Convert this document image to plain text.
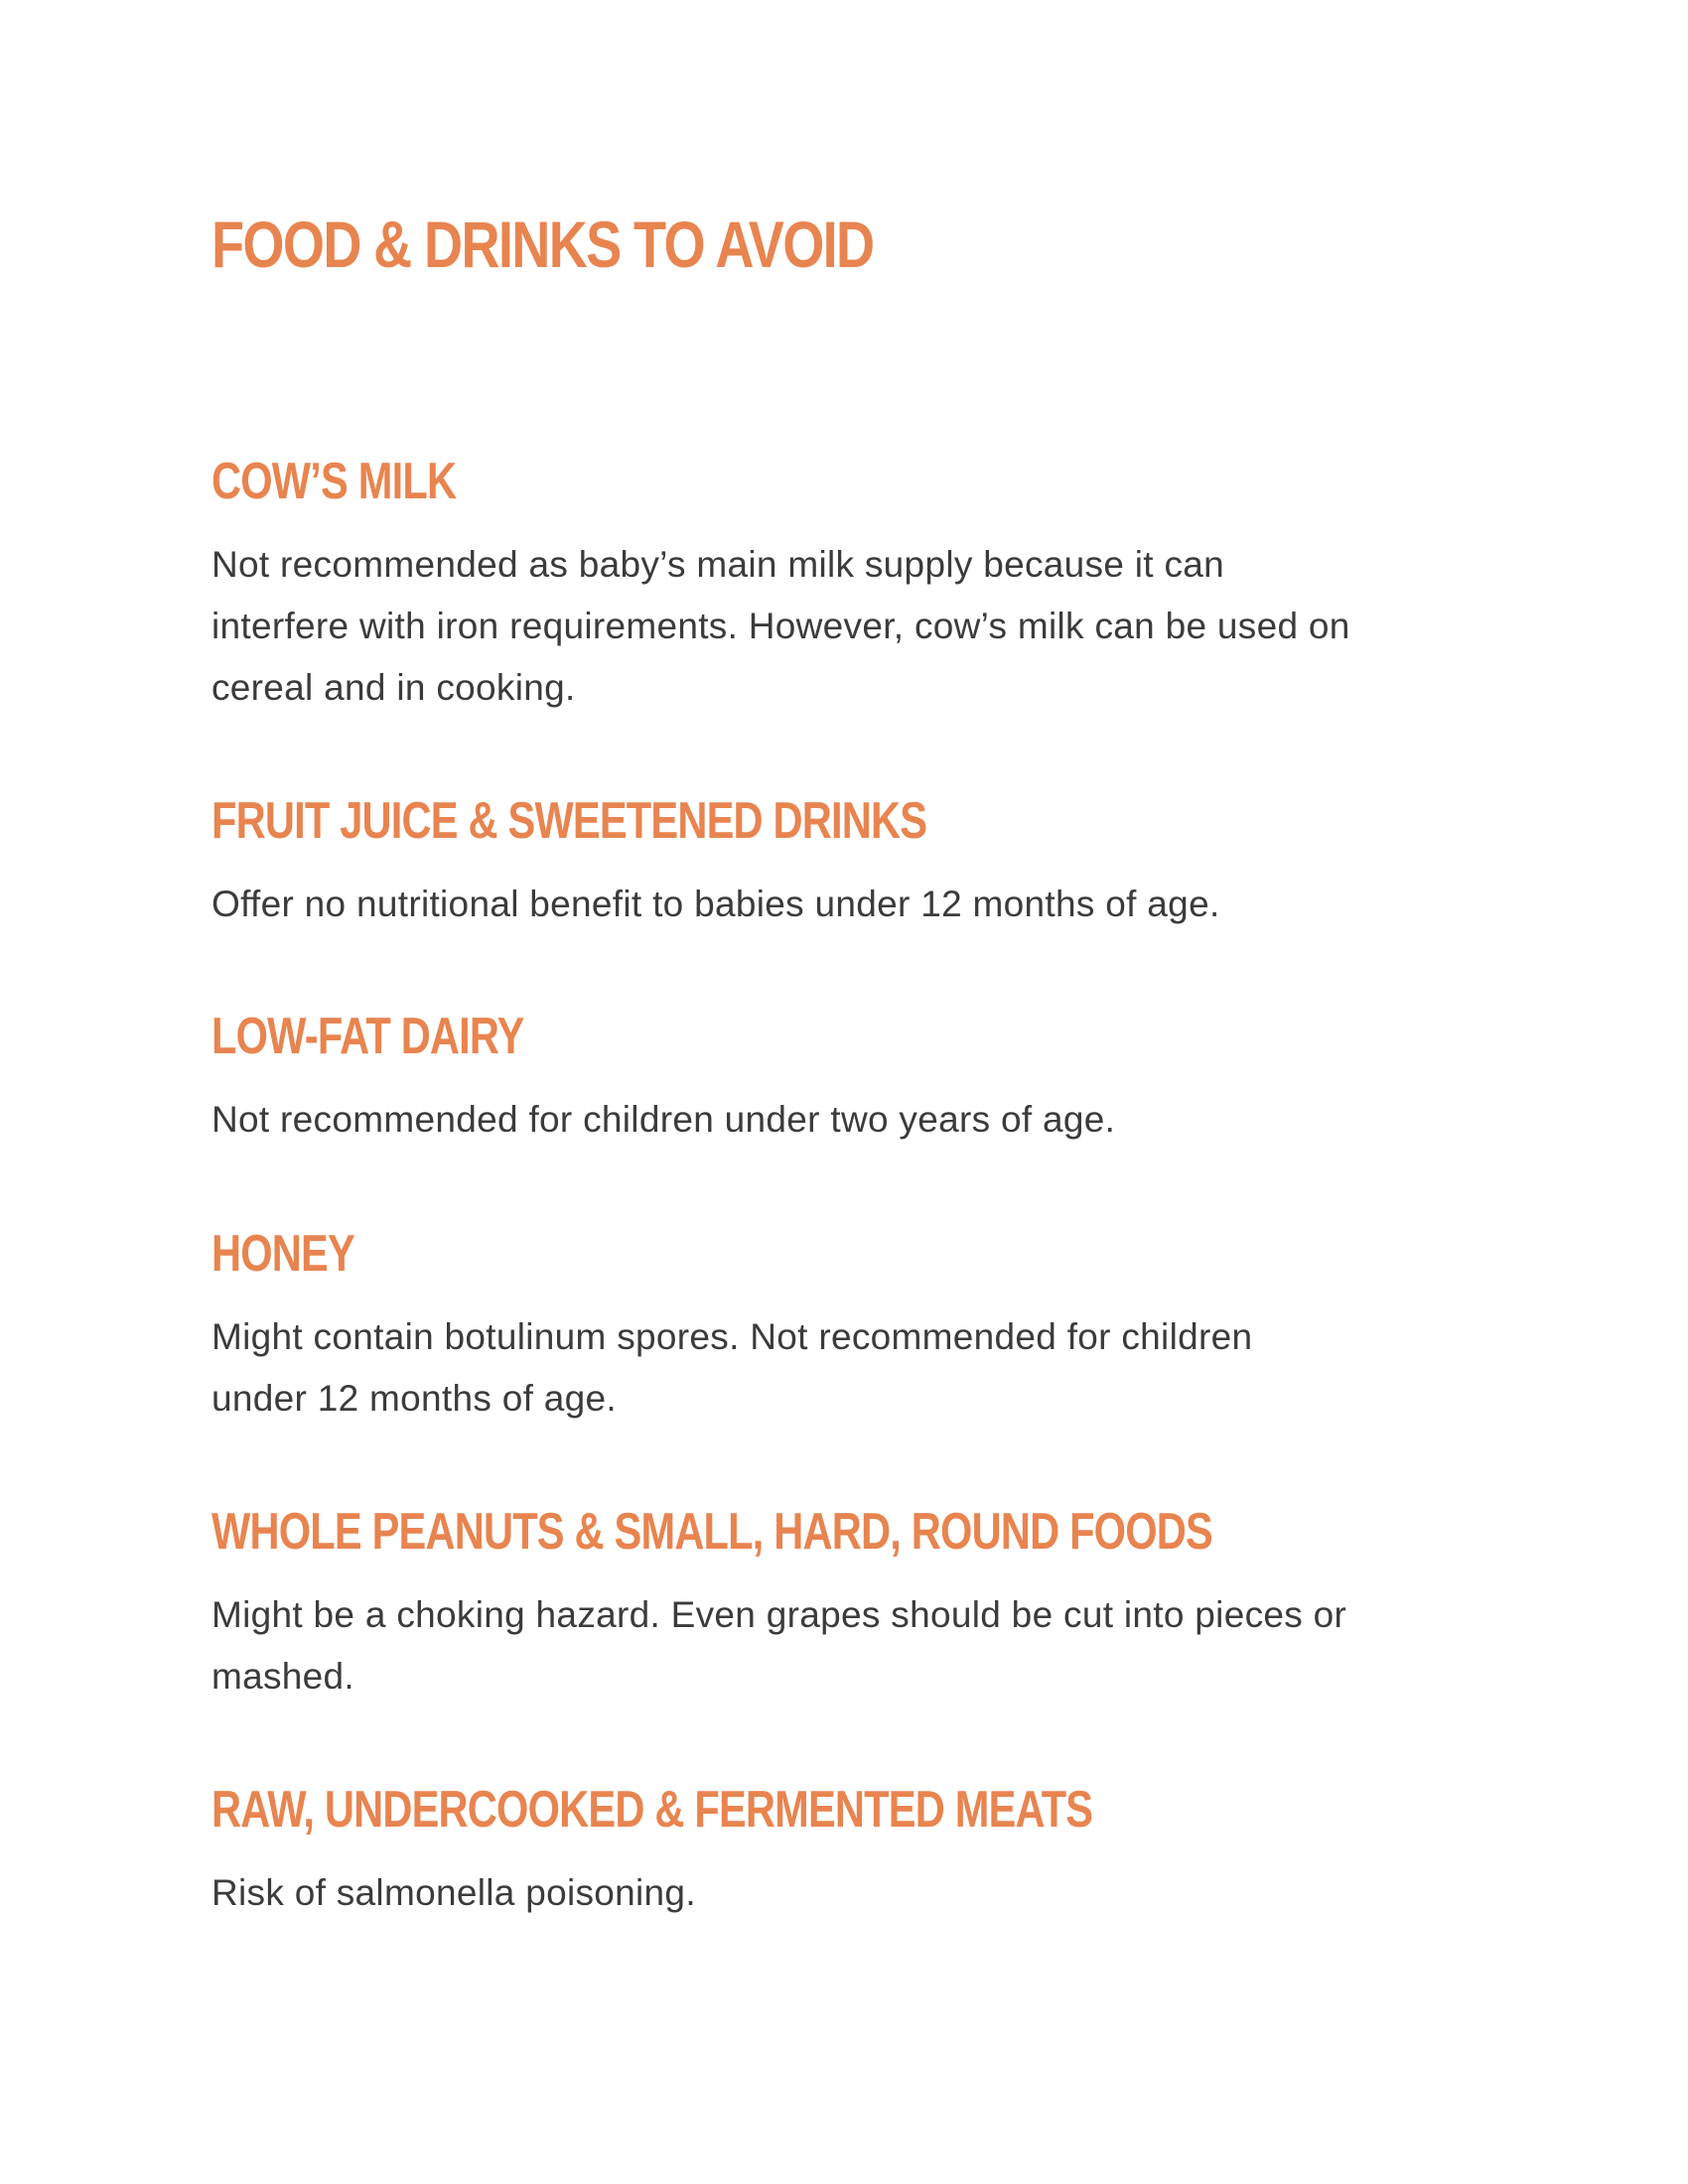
FOOD & DRINKS TO AVOID
COW’S MILK

Not recommended as baby’s main milk supply because it can
interfere with iron requirements. However, cow’s milk can be used on
cereal and in cooking.

FRUIT JUICE & SWEETENED DRINKS

Offer no nutritional benefit to babies under 12 months of age.

LOW-FAT DAIRY

Not recommended for children under two years of age.

HONEY

Might contain botulinum spores. Not recommended for children
under 12 months of age.

WHOLE PEANUTS & SMALL, HARD, ROUND FOODS

Might be a choking hazard. Even grapes should be cut into pieces or
mashed.

RAW, UNDERCOOKED & FERMENTED MEATS

Risk of salmonella poisoning.
